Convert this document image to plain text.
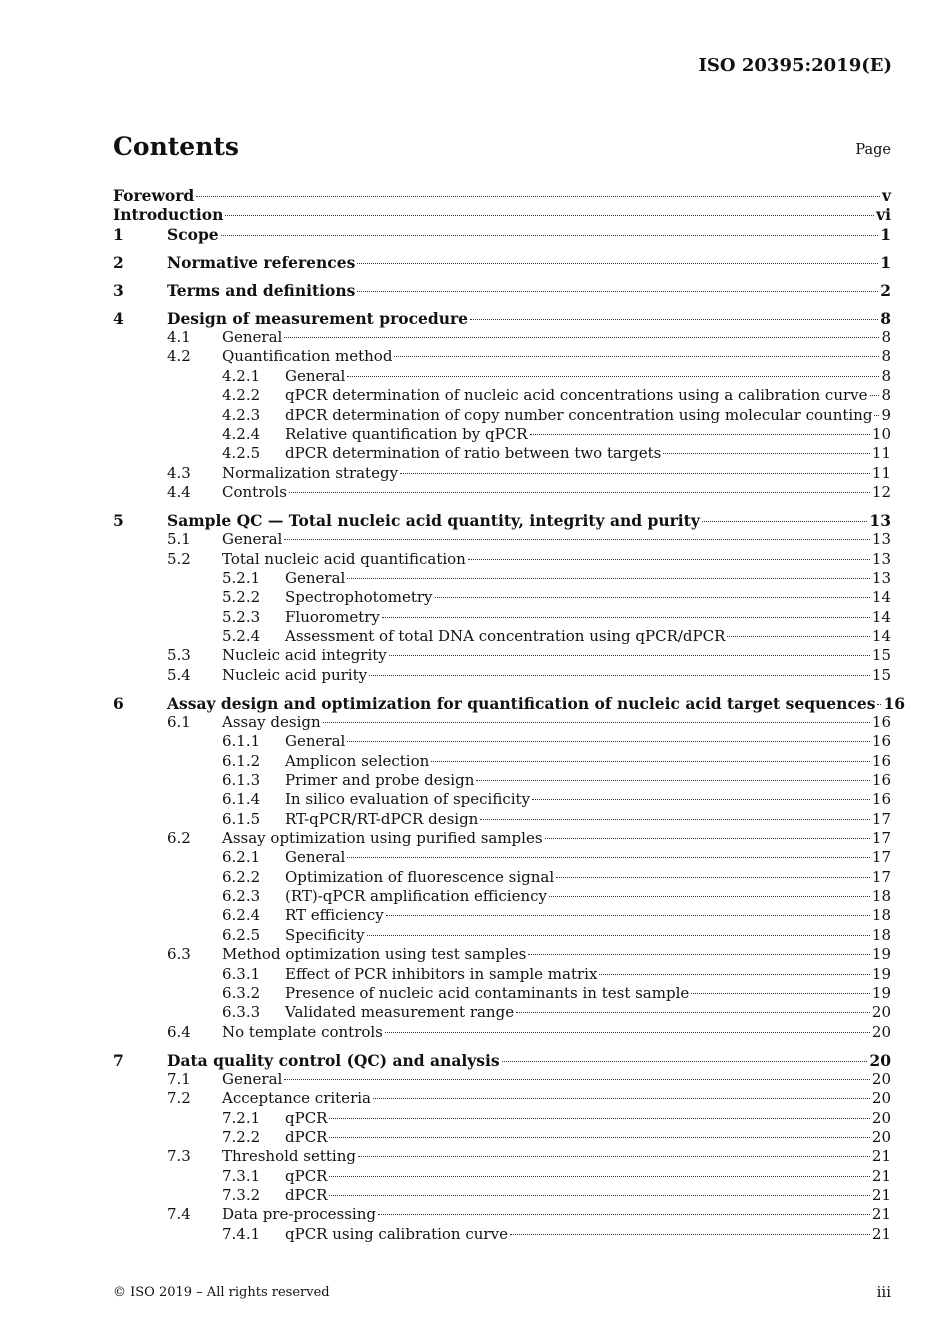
ISO 20395:2019(E)
Contents	Page
Foreword	v
Introduction	vi
1	Scope	1
2	Normative references	1
3	Terms and definitions	2
4	Design of measurement procedure	8
4.1	General	8
4.2	Quantification method	8
4.2.1	General	8
4.2.2	qPCR determination of nucleic acid concentrations using a calibration curve 8
4.2.3	dPCR determination of copy number concentration using molecular counting 9
4.2.4	Relative quantification by qPCR	10
4.2.5	dPCR determination of ratio between two targets	11
4.3	Normalization strategy	11
4.4	Controls	12
5	Sample QC — Total nucleic acid quantity, integrity and purity	13
5.1	General	13
5.2	Total nucleic acid quantification	13
5.2.1	General	13
5.2.2	Spectrophotometry	14
5.2.3	Fluorometry	14
5.2.4	Assessment of total DNA concentration using qPCR/dPCR	14
5.3	Nucleic acid integrity	15
5.4	Nucleic acid purity	15
6	Assay design and optimization for quantification of nucleic acid target sequences 16
6.1	Assay design	16
6.1.1	General	16
6.1.2	Amplicon selection	16
6.1.3	Primer and probe design	16
6.1.4	In silico evaluation of specificity	16
6.1.5	RT-qPCR/RT-dPCR design	17
6.2	Assay optimization using purified samples	17
6.2.1	General	17
6.2.2	Optimization of fluorescence signal	17
6.2.3	(RT)-qPCR amplification efficiency	18
6.2.4	RT efficiency	18
6.2.5	Specificity	18
6.3	Method optimization using test samples	19
6.3.1	Effect of PCR inhibitors in sample matrix	19
6.3.2	Presence of nucleic acid contaminants in test sample	19
6.3.3	Validated measurement range	20
6.4	No template controls	20
7	Data quality control (QC) and analysis	20
7.1	General	20
7.2	Acceptance criteria	20
7.2.1	qPCR	20
7.2.2	dPCR	20
7.3	Threshold setting	21
7.3.1	qPCR	21
7.3.2	dPCR	21
7.4	Data pre-processing	21
7.4.1	qPCR using calibration curve	21
© ISO 2019 – All rights reserved	iii
